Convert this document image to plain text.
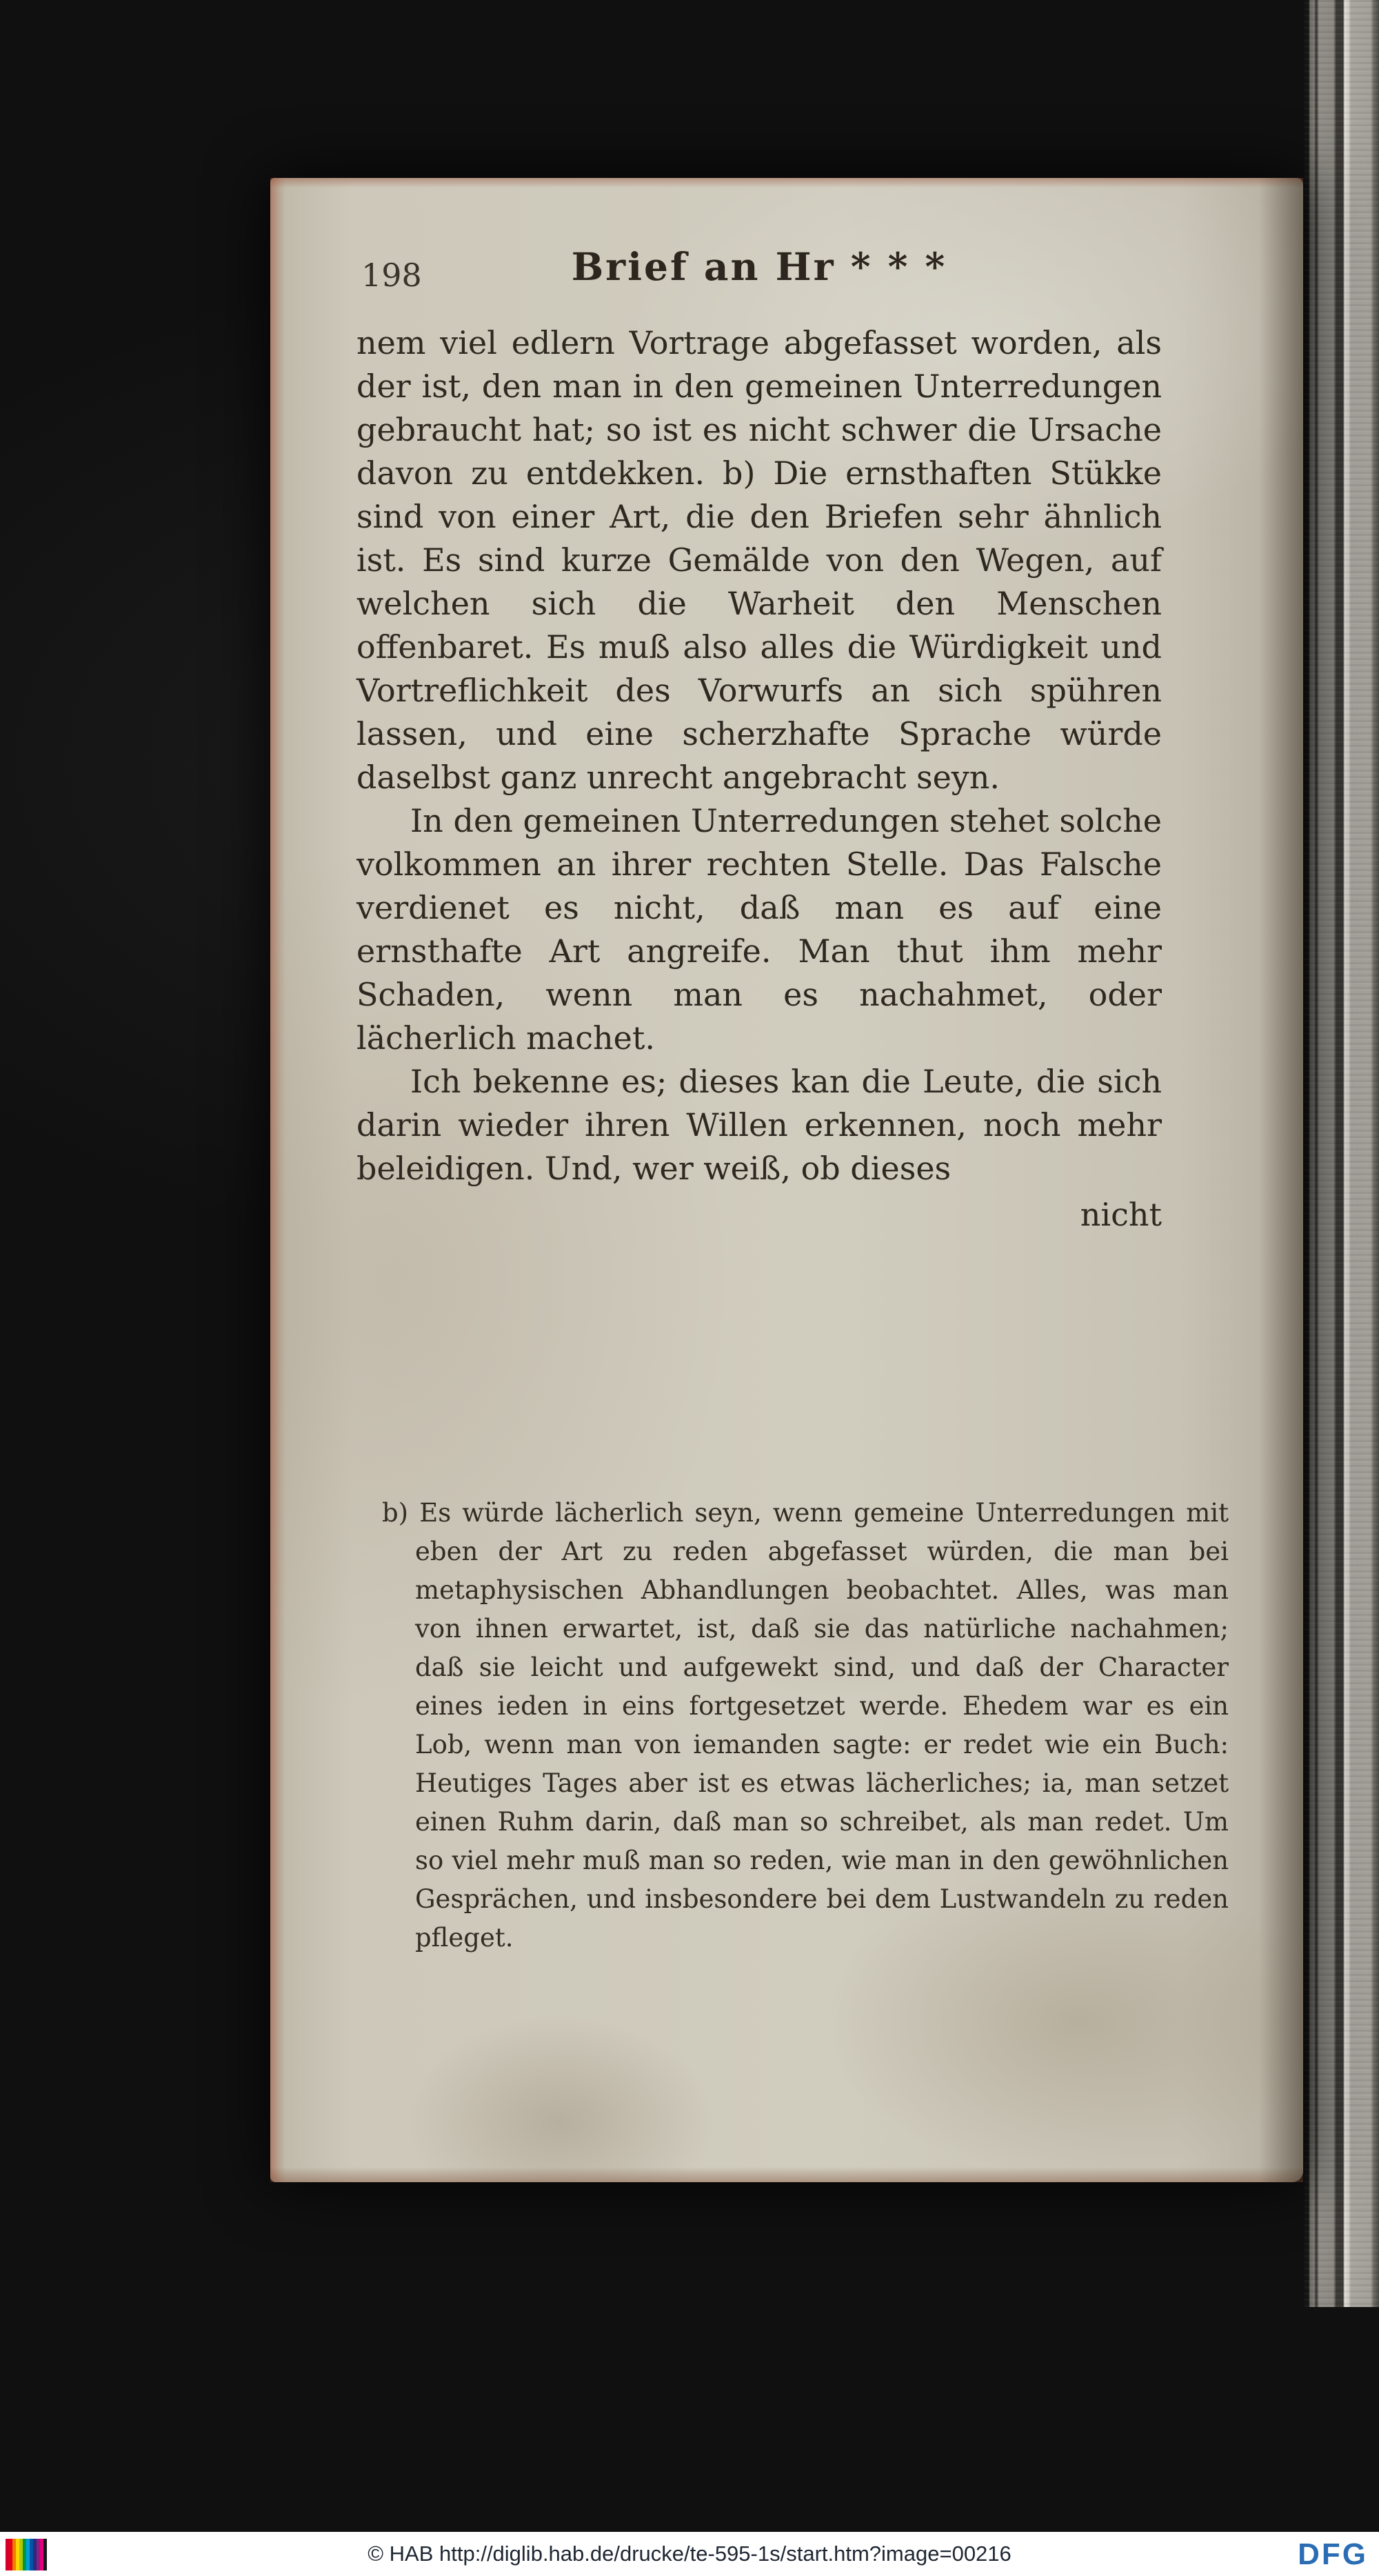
198	Brief an Hr * * *

nem viel edlern Vortrage abgefasset worden, als der ist, den man in den gemeinen Unterredungen gebraucht hat; so ist es nicht schwer die Ursache davon zu entdekken. b) Die ernsthaften Stükke sind von einer Art, die den Briefen sehr ähnlich ist. Es sind kurze Gemälde von den Wegen, auf welchen sich die Warheit den Menschen offenbaret. Es muß also alles die Würdigkeit und Vortreflichkeit des Vorwurfs an sich spühren lassen, und eine scherzhafte Sprache würde daselbst ganz unrecht angebracht seyn.

In den gemeinen Unterredungen stehet solche volkommen an ihrer rechten Stelle. Das Falsche verdienet es nicht, daß man es auf eine ernsthafte Art angreife. Man thut ihm mehr Schaden, wenn man es nachahmet, oder lächerlich machet.

Ich bekenne es; dieses kan die Leute, die sich darin wieder ihren Willen erkennen, noch mehr beleidigen. Und, wer weiß, ob dieses

nicht
b) Es würde lächerlich seyn, wenn gemeine Unterredungen mit eben der Art zu reden abgefasset würden, die man bei metaphysischen Abhandlungen beobachtet. Alles, was man von ihnen erwartet, ist, daß sie das natürliche nachahmen; daß sie leicht und aufgewekt sind, und daß der Character eines ieden in eins fortgesetzet werde. Ehedem war es ein Lob, wenn man von iemanden sagte: er redet wie ein Buch: Heutiges Tages aber ist es etwas lächerliches; ia, man setzet einen Ruhm darin, daß man so schreibet, als man redet. Um so viel mehr muß man so reden, wie man in den gewöhnlichen Gesprächen, und insbesondere bei dem Lustwandeln zu reden pfleget.
© HAB http://diglib.hab.de/drucke/te-595-1s/start.htm?image=00216	DFG
